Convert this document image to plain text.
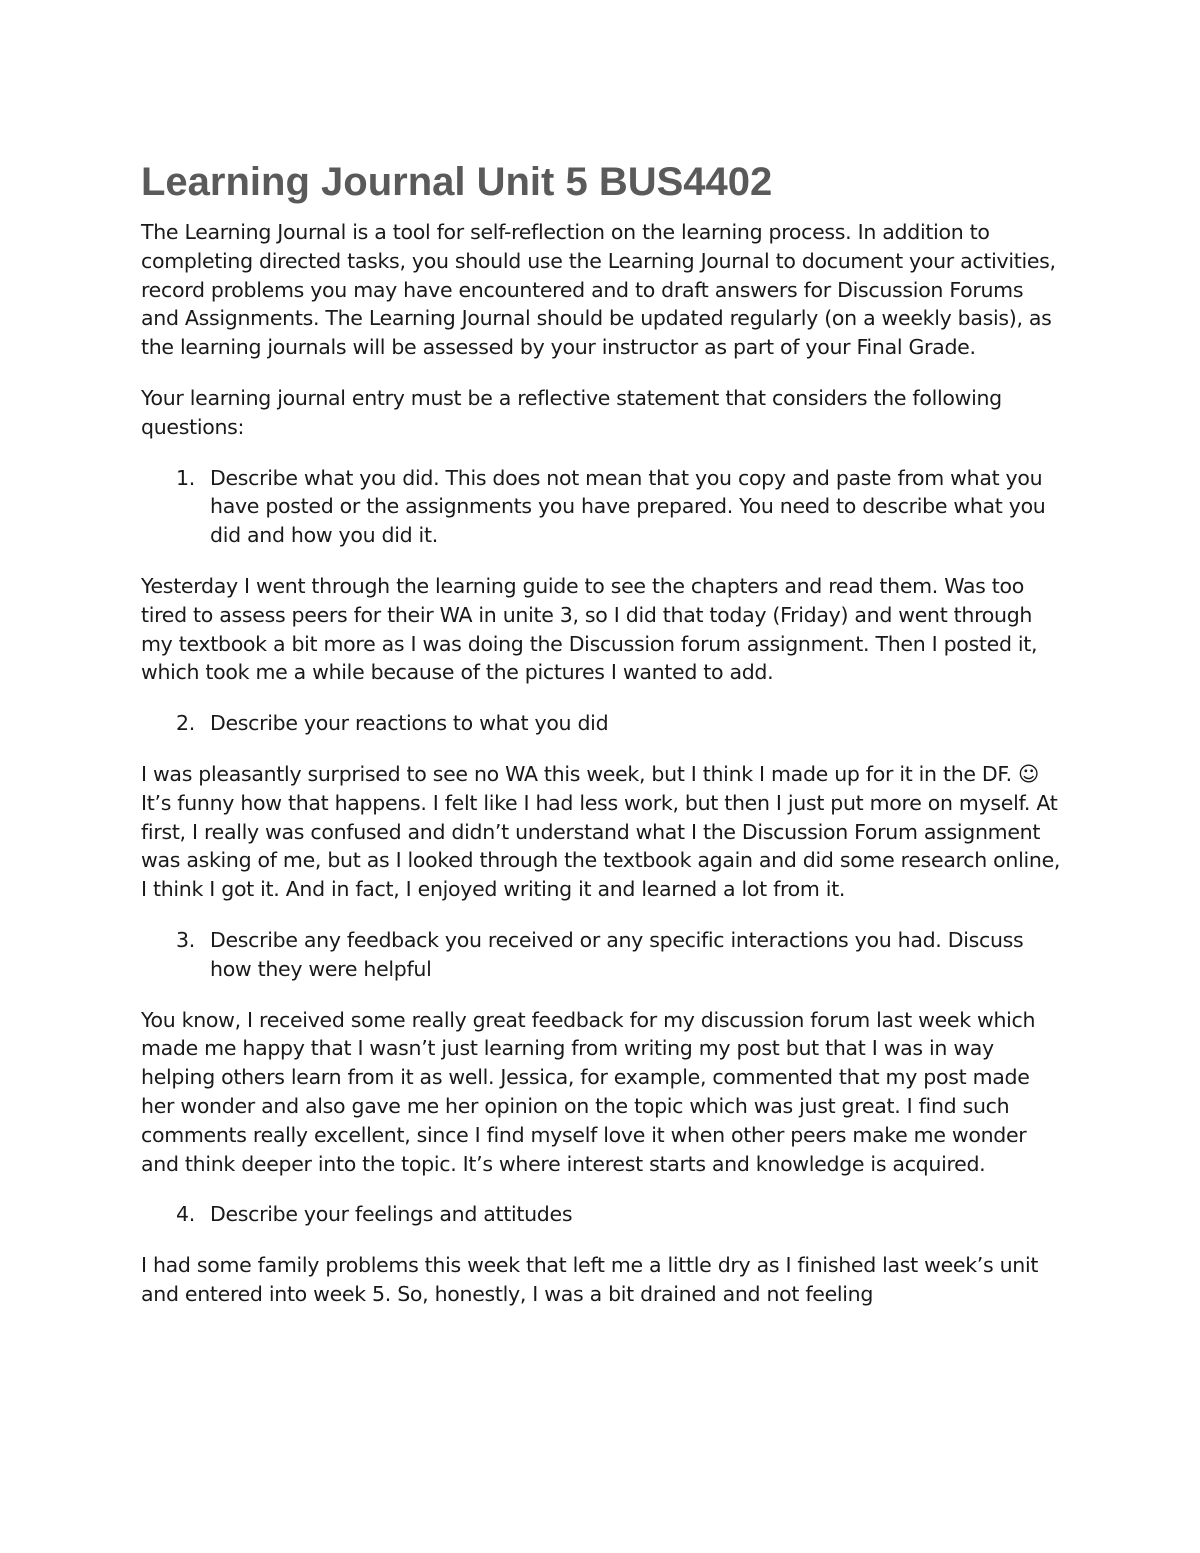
Learning Journal Unit 5 BUS4402

The Learning Journal is a tool for self-reflection on the learning process. In addition to completing directed tasks, you should use the Learning Journal to document your activities, record problems you may have encountered and to draft answers for Discussion Forums and Assignments. The Learning Journal should be updated regularly (on a weekly basis), as the learning journals will be assessed by your instructor as part of your Final Grade.

Your learning journal entry must be a reflective statement that considers the following questions:

1. Describe what you did. This does not mean that you copy and paste from what you have posted or the assignments you have prepared. You need to describe what you did and how you did it.

Yesterday I went through the learning guide to see the chapters and read them. Was too tired to assess peers for their WA in unite 3, so I did that today (Friday) and went through my textbook a bit more as I was doing the Discussion forum assignment. Then I posted it, which took me a while because of the pictures I wanted to add.

2. Describe your reactions to what you did

I was pleasantly surprised to see no WA this week, but I think I made up for it in the DF. ☺ It’s funny how that happens. I felt like I had less work, but then I just put more on myself. At first, I really was confused and didn’t understand what I the Discussion Forum assignment was asking of me, but as I looked through the textbook again and did some research online, I think I got it. And in fact, I enjoyed writing it and learned a lot from it.

3. Describe any feedback you received or any specific interactions you had. Discuss how they were helpful

You know, I received some really great feedback for my discussion forum last week which made me happy that I wasn’t just learning from writing my post but that I was in way helping others learn from it as well. Jessica, for example, commented that my post made her wonder and also gave me her opinion on the topic which was just great. I find such comments really excellent, since I find myself love it when other peers make me wonder and think deeper into the topic. It’s where interest starts and knowledge is acquired.

4. Describe your feelings and attitudes

I had some family problems this week that left me a little dry as I finished last week’s unit and entered into week 5. So, honestly, I was a bit drained and not feeling
